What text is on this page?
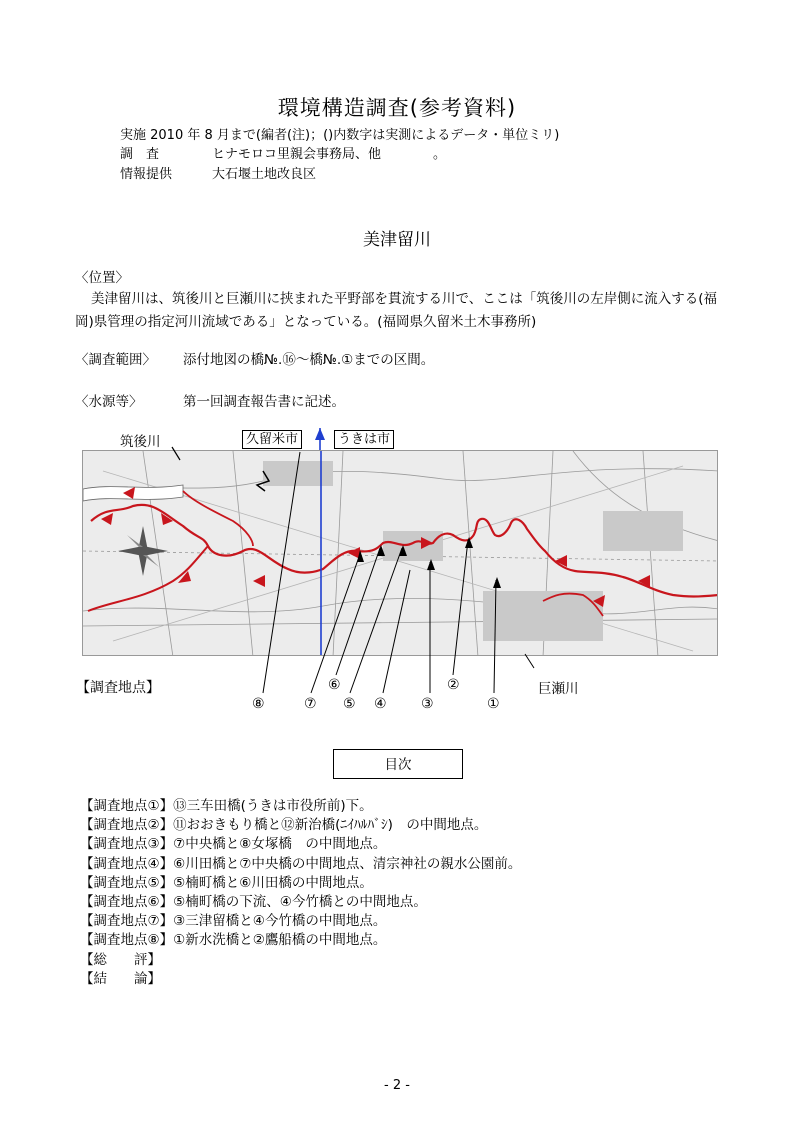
環境構造調査(参考資料)
実施 2010 年 8 月まで(編者(注)；()内数字は実測によるデータ・単位ミリ)
調　査	ヒナモロコ里親会事務局、他　　　　。
情報提供	大石堰土地改良区
美津留川
〈位置〉
美津留川は、筑後川と巨瀬川に挟まれた平野部を貫流する川で、ここは「筑後川の左岸側に流入する(福岡)県管理の指定河川流域である」となっている。(福岡県久留米土木事務所)
〈調査範囲〉 添付地図の橋№.⑯～橋№.①までの区間。
〈水源等〉	第一回調査報告書に記述。
筑後川	久留米市	うきは市
【調査地点】	巨瀬川
⑧	⑦
⑥
⑤ ④ ③
②
①
目次
【調査地点①】⑬三车田橋(うきは市役所前)下。
【調査地点②】⑪おおきもり橋と⑫新治橋(ﾆｲﾊﾙﾊﾞｼ)　の中間地点。
【調査地点③】⑦中央橋と⑧女塚橋　の中間地点。
【調査地点④】⑥川田橋と⑦中央橋の中間地点、清宗神社の親水公園前。
【調査地点⑤】⑤楠町橋と⑥川田橋の中間地点。
【調査地点⑥】⑤楠町橋の下流、④今竹橋との中間地点。
【調査地点⑦】③三津留橋と④今竹橋の中間地点。
【調査地点⑧】①新水洗橋と②鷹船橋の中間地点。
【総　　評】
【結　　論】
- 2 -
